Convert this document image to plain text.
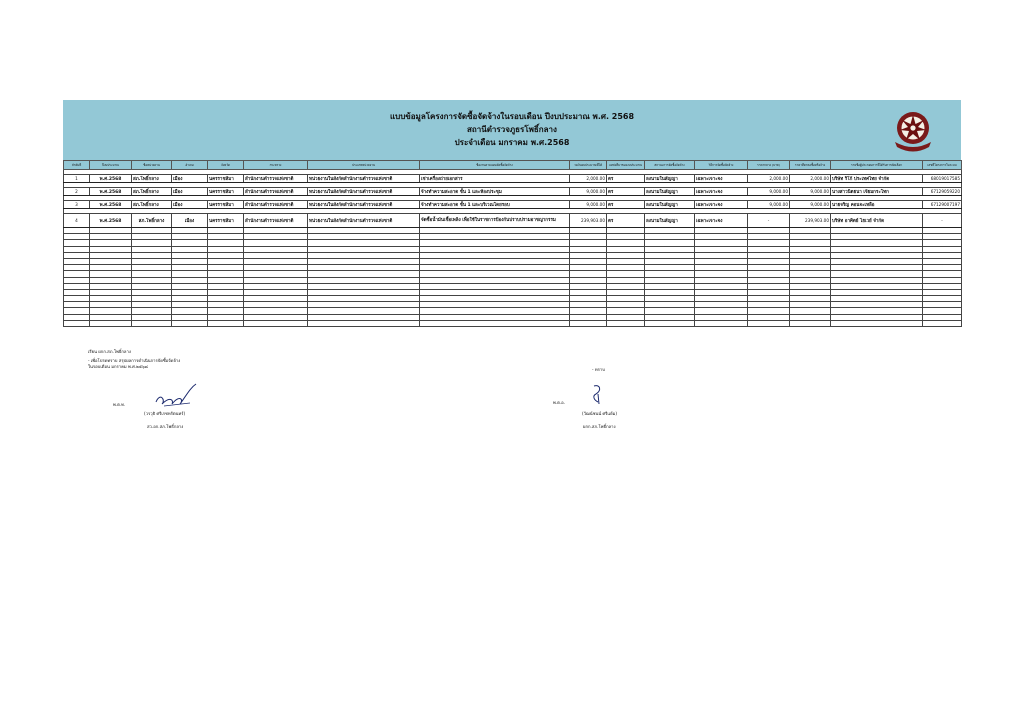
แบบข้อมูลโครงการจัดซื้อจัดจ้างในรอบเดือน ปีงบประมาณ พ.ศ. 2568
สถานีตำรวจภูธรโพธิ์กลาง
ประจำเดือน มกราคม พ.ศ.2568
ลำดับที่	ปีงบประมาณ	ชื่อหน่วยงาน	อำเภอ	จังหวัด	กระทรวง	ประเภทหน่วยงาน	ชื่องานตามแผนจัดซื้อจัดจ้าง	วงเงินงบประมาณที่ได้	แหล่งที่มาของงบประมาณ	สถานะการจัดซื้อจัดจ้าง	วิธีการจัดซื้อจัดจ้าง	ราคากลาง (บาท)	ราคาที่ตกลงซื้อหรือจ้าง	รายชื่อผู้ประกอบการที่ได้รับการคัดเลือก	เลขที่โครงการในระบบ

1	พ.ศ.2568	สภ.โพธิ์กลาง	เมือง	นครราชสีมา	สำนักงานตำรวจแห่งชาติ	หน่วยงานในสังกัดสำนักงานตำรวจแห่งชาติ	เช่าเครื่องถ่ายเอกสาร	2,000.00	ตร	ลงนามในสัญญา	เฉพาะเจาะจง	2,000.00	2,000.00	บริษัท ริโก้ ประเทศไทย จำกัด	68019017585

2	พ.ศ.2568	สภ.โพธิ์กลาง	เมือง	นครราชสีมา	สำนักงานตำรวจแห่งชาติ	หน่วยงานในสังกัดสำนักงานตำรวจแห่งชาติ	จ้างทำความสะอาด ชั้น 1 และห้องประชุม	9,000.00	ตร	ลงนามในสัญญา	เฉพาะเจาะจง	9,000.00	9,000.00	นางสาวนิตยนา เจียมกระโทก	67129059220

3	พ.ศ.2568	สภ.โพธิ์กลาง	เมือง	นครราชสีมา	สำนักงานตำรวจแห่งชาติ	หน่วยงานในสังกัดสำนักงานตำรวจแห่งชาติ	จ้างทำความสะอาด ชั้น 1 และบริเวณโดยรอบ	9,000.00	ตร	ลงนามในสัญญา	เฉพาะเจาะจง	9,000.00	9,000.00	นายจริญ คอนจะเหลือ	67129007197

4	พ.ศ.2568	สภ.โพธิ์กลาง	เมือง	นครราชสีมา	สำนักงานตำรวจแห่งชาติ	หน่วยงานในสังกัดสำนักงานตำรวจแห่งชาติ	จัดซื้อน้ำมันเชื้อเพลิง เพื่อใช้ในราชการป้องกันปราบปรามอาชญากรรม	239,903.00	ตร	ลงนามในสัญญา	เฉพาะเจาะจง	-	239,903.00	บริษัท อาศิตย์ ไฮเวย์ จำกัด	-

เรียน ผกก.สภ.โพธิ์กลาง
- เพื่อโปรดทราบ สรุปผลการดำเนินการจัดซื้อจัดจ้าง
ในรอบเดือน มกราคม พ.ศ.๒๕๖๘
- ทราบ
พ.ต.ท.
(วรวุธิ ศรีเรชหรัตนทร์)
สว.อก.สภ.โพธิ์กลาง
พ.ต.อ.
(วัฒน์ชนน์ ศรีแย้ม)
ผกก.สภ.โพธิ์กลาง
